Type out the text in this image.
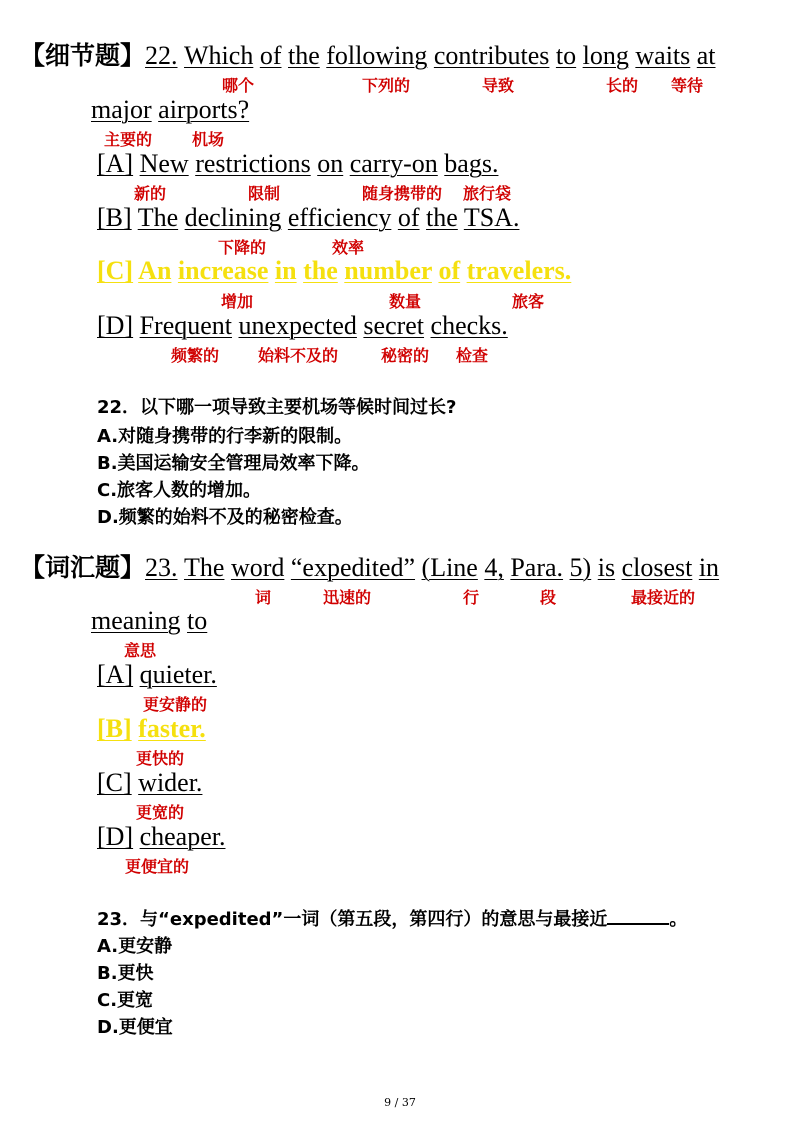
【细节题】22. Which of the following contributes to long waits at
哪个	下列的	导致	长的 等待
major airports?
主要的 机场
[A] New restrictions on carry-on bags.
新的	限制	随身携带的 旅行袋
[B] The declining efficiency of the TSA.
下降的	效率
[C] An increase in the number of travelers.
增加	数量	旅客
[D] Frequent unexpected secret checks.
频繁的 始料不及的	秘密的 检查
22．以下哪一项导致主要机场等候时间过长?
A.对随身携带的行李新的限制。
B.美国运输安全管理局效率下降。
C.旅客人数的增加。
D.频繁的始料不及的秘密检查。
【词汇题】23. The word “expedited” (Line 4, Para. 5) is closest in
词	迅速的	行	段	最接近的
meaning to
意思
[A] quieter.
更安静的
[B] faster.
更快的
[C] wider.
更宽的
[D] cheaper.
更便宜的
23．与“expedited”一词（第五段，第四行）的意思与最接近	。
A.更安静
B.更快
C.更宽
D.更便宜
9 / 37
